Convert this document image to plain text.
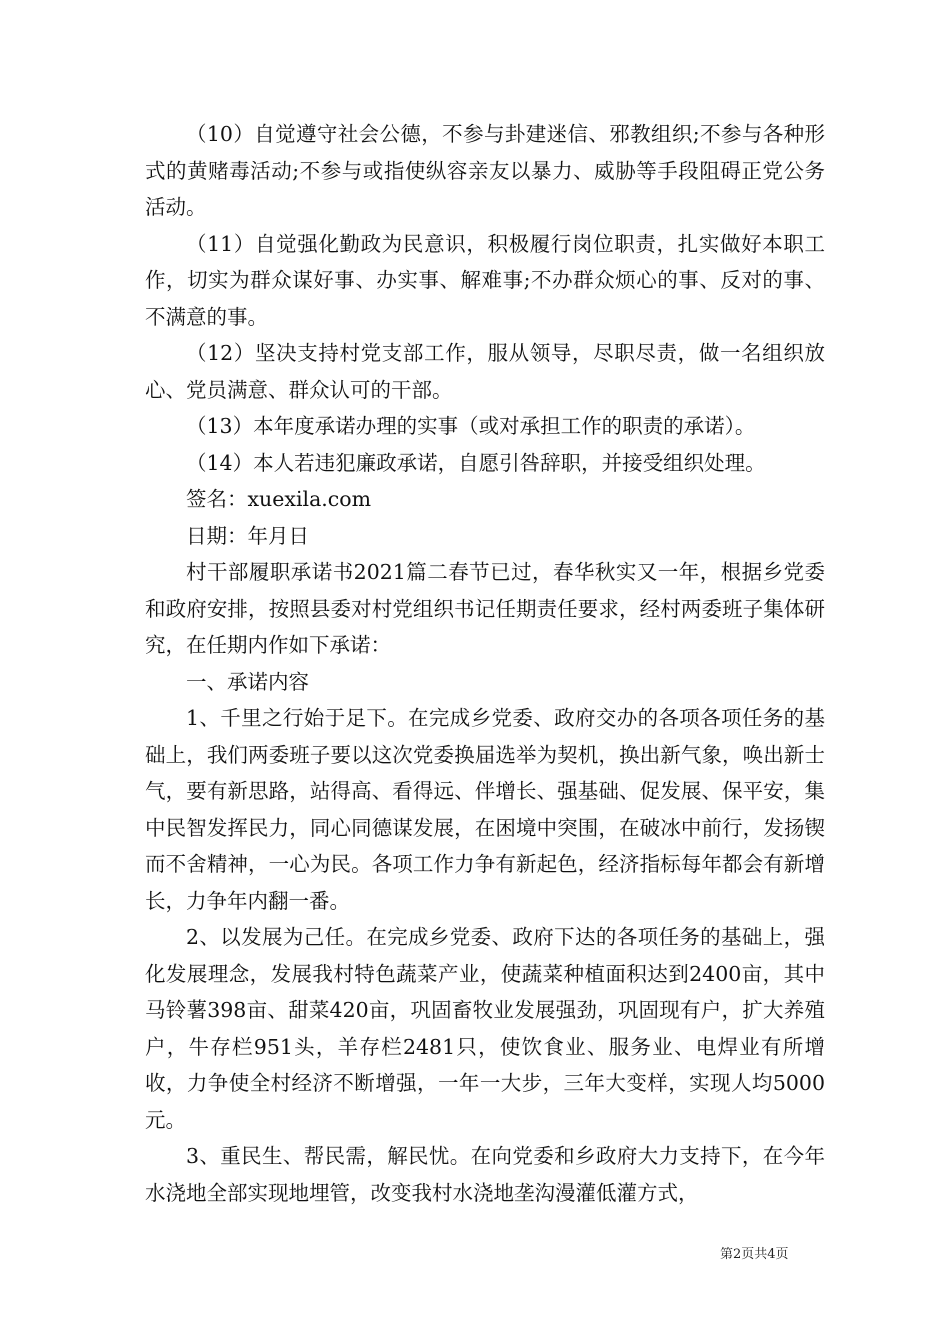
（10）自觉遵守社会公德，不参与卦建迷信、邪教组织;不参与各种形式的黄赌毒活动;不参与或指使纵容亲友以暴力、威胁等手段阻碍正党公务活动。

（11）自觉强化勤政为民意识，积极履行岗位职责，扎实做好本职工作，切实为群众谋好事、办实事、解难事;不办群众烦心的事、反对的事、不满意的事。

（12）坚决支持村党支部工作，服从领导，尽职尽责，做一名组织放心、党员满意、群众认可的干部。

（13）本年度承诺办理的实事（或对承担工作的职责的承诺）。

（14）本人若违犯廉政承诺，自愿引咎辞职，并接受组织处理。

签名：xuexila.com

日期：年月日

村干部履职承诺书2021篇二春节已过，春华秋实又一年，根据乡党委和政府安排，按照县委对村党组织书记任期责任要求，经村两委班子集体研究，在任期内作如下承诺：

一、承诺内容

1、千里之行始于足下。在完成乡党委、政府交办的各项各项任务的基础上，我们两委班子要以这次党委换届选举为契机，换出新气象，唤出新士气，要有新思路，站得高、看得远、伴增长、强基础、促发展、保平安，集中民智发挥民力，同心同德谋发展，在困境中突围，在破冰中前行，发扬锲而不舍精神，一心为民。各项工作力争有新起色，经济指标每年都会有新增长，力争年内翻一番。

2、以发展为己任。在完成乡党委、政府下达的各项任务的基础上，强化发展理念，发展我村特色蔬菜产业，使蔬菜种植面积达到2400亩，其中马铃薯398亩、甜菜420亩，巩固畜牧业发展强劲，巩固现有户，扩大养殖户，牛存栏951头，羊存栏2481只，使饮食业、服务业、电焊业有所增收，力争使全村经济不断增强，一年一大步，三年大变样，实现人均5000元。

3、重民生、帮民需，解民忧。在向党委和乡政府大力支持下，在今年水浇地全部实现地埋管，改变我村水浇地垄沟漫灌低灌方式，

第2页共4页
